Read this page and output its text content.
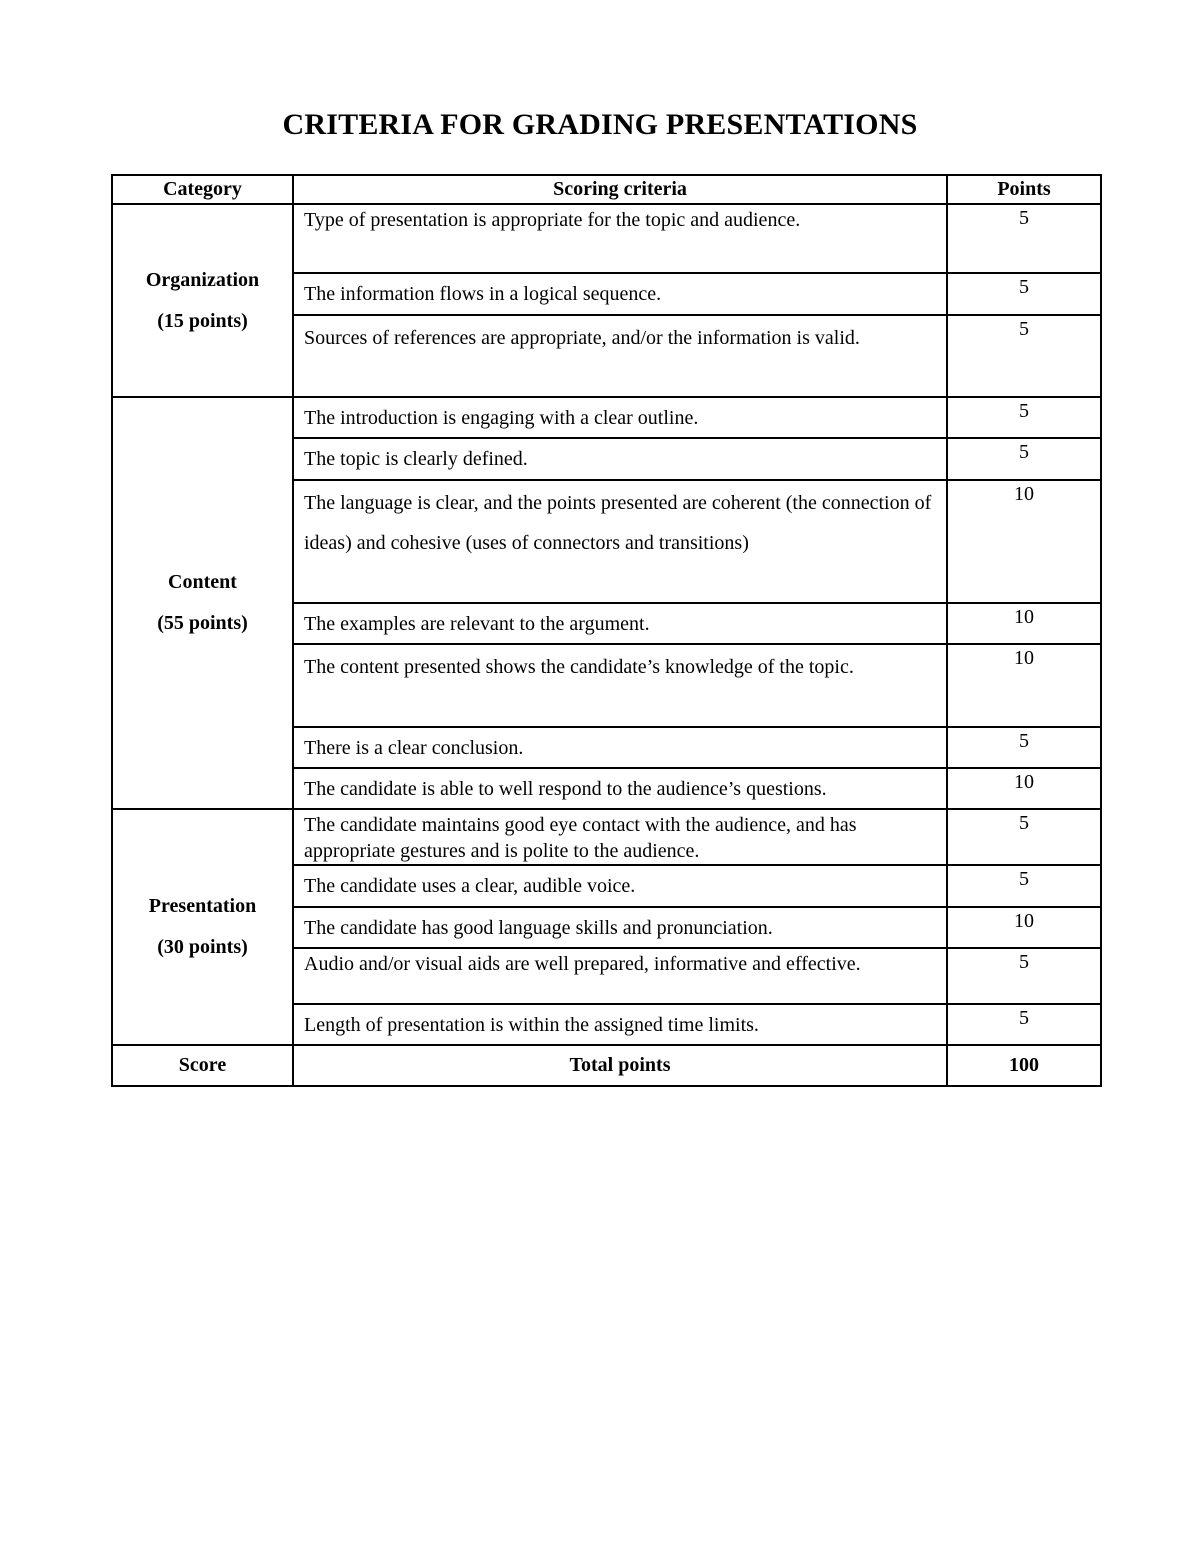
CRITERIA FOR GRADING PRESENTATIONS
Category	Scoring criteria	Points

Organization
(15 points)	Type of presentation is appropriate for the topic and audience.	5
	The information flows in a logical sequence.	5
	Sources of references are appropriate, and/or the information is valid.	5

Content
(55 points)	The introduction is engaging with a clear outline.	5
	The topic is clearly defined.	5
	The language is clear, and the points presented are coherent (the connection of ideas) and cohesive (uses of connectors and transitions)	10
	The examples are relevant to the argument.	10
	The content presented shows the candidate’s knowledge of the topic.	10
	There is a clear conclusion.	5
	The candidate is able to well respond to the audience’s questions.	10

Presentation
(30 points)	The candidate maintains good eye contact with the audience, and has appropriate gestures and is polite to the audience.	5
	The candidate uses a clear, audible voice.	5
	The candidate has good language skills and pronunciation.	10
	Audio and/or visual aids are well prepared, informative and effective.	5
	Length of presentation is within the assigned time limits.	5
Score	Total points	100
